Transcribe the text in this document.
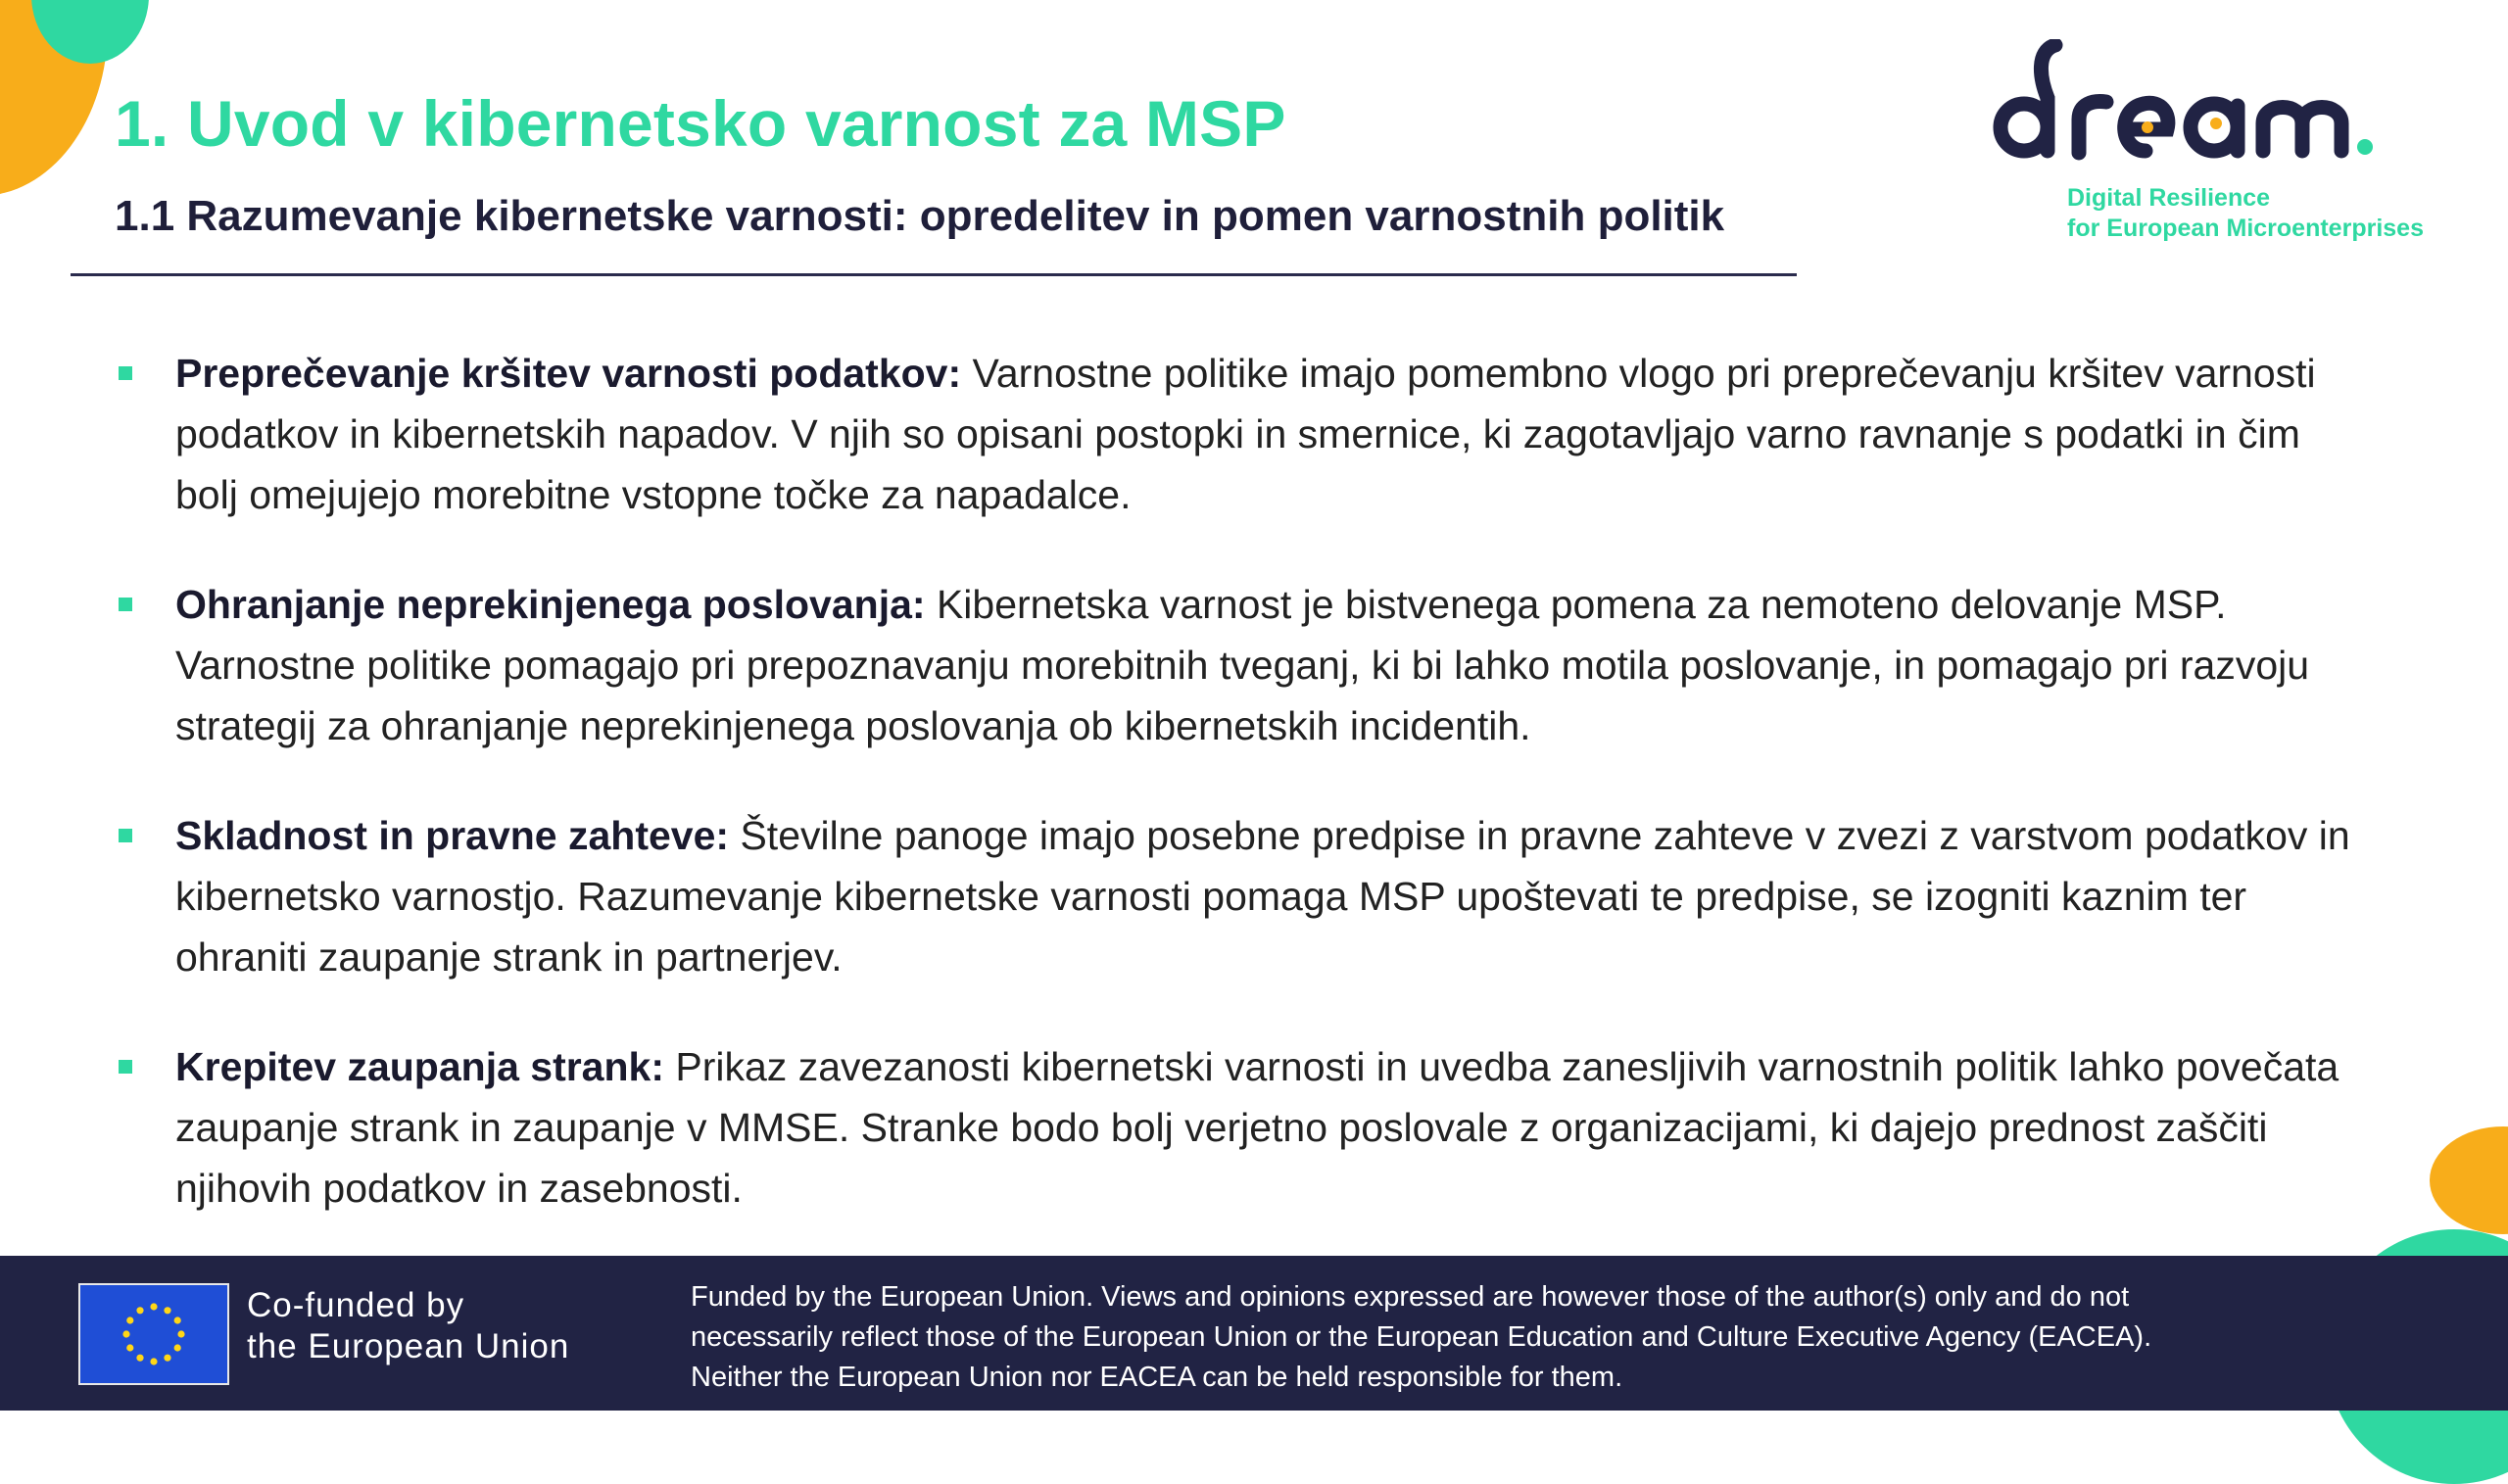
1. Uvod v kibernetsko varnost za MSP
1.1 Razumevanje kibernetske varnosti: opredelitev in pomen varnostnih politik	Digital Resilience
for European Microenterprises
Preprečevanje kršitev varnosti podatkov: Varnostne politike imajo pomembno vlogo pri preprečevanju kršitev varnosti podatkov in kibernetskih napadov. V njih so opisani postopki in smernice, ki zagotavljajo varno ravnanje s podatki in čim bolj omejujejo morebitne vstopne točke za napadalce.
Ohranjanje neprekinjenega poslovanja: Kibernetska varnost je bistvenega pomena za nemoteno delovanje MSP. Varnostne politike pomagajo pri prepoznavanju morebitnih tveganj, ki bi lahko motila poslovanje, in pomagajo pri razvoju strategij za ohranjanje neprekinjenega poslovanja ob kibernetskih incidentih.
Skladnost in pravne zahteve: Številne panoge imajo posebne predpise in pravne zahteve v zvezi z varstvom podatkov in kibernetsko varnostjo. Razumevanje kibernetske varnosti pomaga MSP upoštevati te predpise, se izogniti kaznim ter ohraniti zaupanje strank in partnerjev.
Krepitev zaupanja strank: Prikaz zavezanosti kibernetski varnosti in uvedba zanesljivih varnostnih politik lahko povečata zaupanje strank in zaupanje v MMSE. Stranke bodo bolj verjetno poslovale z organizacijami, ki dajejo prednost zaščiti njihovih podatkov in zasebnosti.
Co-funded by
the European Union
Funded by the European Union. Views and opinions expressed are however those of the author(s) only and do not
necessarily reflect those of the European Union or the European Education and Culture Executive Agency (EACEA).
Neither the European Union nor EACEA can be held responsible for them.
